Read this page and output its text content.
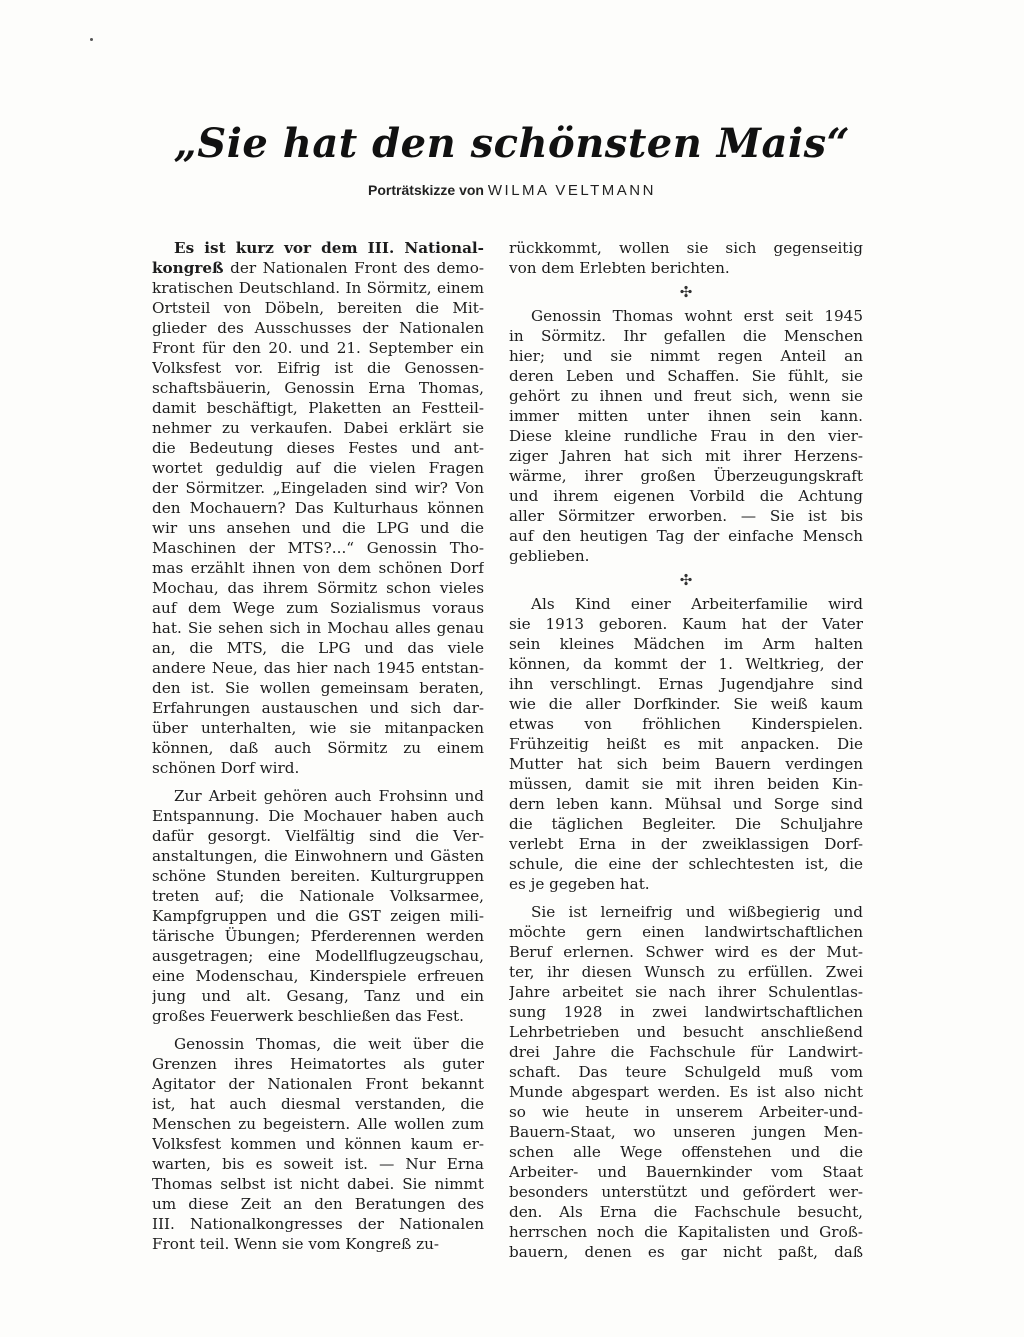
„Sie hat den schönsten Mais“
Porträtskizze von WILMA VELTMANN
Es ist kurz vor dem III. National-
kongreß der Nationalen Front des demo-
kratischen Deutschland. In Sörmitz, einem
Ortsteil von Döbeln, bereiten die Mit-
glieder des Ausschusses der Nationalen
Front für den 20. und 21. September ein
Volksfest vor. Eifrig ist die Genossen-
schaftsbäuerin, Genossin Erna Thomas,
damit beschäftigt, Plaketten an Festteil-
nehmer zu verkaufen. Dabei erklärt sie
die Bedeutung dieses Festes und ant-
wortet geduldig auf die vielen Fragen
der Sörmitzer. „Eingeladen sind wir? Von
den Mochauern? Das Kulturhaus können
wir uns ansehen und die LPG und die
Maschinen der MTS?...“ Genossin Tho-
mas erzählt ihnen von dem schönen Dorf
Mochau, das ihrem Sörmitz schon vieles
auf dem Wege zum Sozialismus voraus
hat. Sie sehen sich in Mochau alles genau
an, die MTS, die LPG und das viele
andere Neue, das hier nach 1945 entstan-
den ist. Sie wollen gemeinsam beraten,
Erfahrungen austauschen und sich dar-
über unterhalten, wie sie mitanpacken
können, daß auch Sörmitz zu einem
schönen Dorf wird.
Zur Arbeit gehören auch Frohsinn und
Entspannung. Die Mochauer haben auch
dafür gesorgt. Vielfältig sind die Ver-
anstaltungen, die Einwohnern und Gästen
schöne Stunden bereiten. Kulturgruppen
treten auf; die Nationale Volksarmee,
Kampfgruppen und die GST zeigen mili-
tärische Übungen; Pferderennen werden
ausgetragen; eine Modellflugzeugschau,
eine Modenschau, Kinderspiele erfreuen
jung und alt. Gesang, Tanz und ein
großes Feuerwerk beschließen das Fest.
Genossin Thomas, die weit über die
Grenzen ihres Heimatortes als guter
Agitator der Nationalen Front bekannt
ist, hat auch diesmal verstanden, die
Menschen zu begeistern. Alle wollen zum
Volksfest kommen und können kaum er-
warten, bis es soweit ist. — Nur Erna
Thomas selbst ist nicht dabei. Sie nimmt
um diese Zeit an den Beratungen des
III. Nationalkongresses der Nationalen
Front teil. Wenn sie vom Kongreß zu-
rückkommt, wollen sie sich gegenseitig
von dem Erlebten berichten.
✣
Genossin Thomas wohnt erst seit 1945
in Sörmitz. Ihr gefallen die Menschen
hier; und sie nimmt regen Anteil an
deren Leben und Schaffen. Sie fühlt, sie
gehört zu ihnen und freut sich, wenn sie
immer mitten unter ihnen sein kann.
Diese kleine rundliche Frau in den vier-
ziger Jahren hat sich mit ihrer Herzens-
wärme, ihrer großen Überzeugungskraft
und ihrem eigenen Vorbild die Achtung
aller Sörmitzer erworben. — Sie ist bis
auf den heutigen Tag der einfache Mensch
geblieben.
✣
Als Kind einer Arbeiterfamilie wird
sie 1913 geboren. Kaum hat der Vater
sein kleines Mädchen im Arm halten
können, da kommt der 1. Weltkrieg, der
ihn verschlingt. Ernas Jugendjahre sind
wie die aller Dorfkinder. Sie weiß kaum
etwas von fröhlichen Kinderspielen.
Frühzeitig heißt es mit anpacken. Die
Mutter hat sich beim Bauern verdingen
müssen, damit sie mit ihren beiden Kin-
dern leben kann. Mühsal und Sorge sind
die täglichen Begleiter. Die Schuljahre
verlebt Erna in der zweiklassigen Dorf-
schule, die eine der schlechtesten ist, die
es je gegeben hat.
Sie ist lerneifrig und wißbegierig und
möchte gern einen landwirtschaftlichen
Beruf erlernen. Schwer wird es der Mut-
ter, ihr diesen Wunsch zu erfüllen. Zwei
Jahre arbeitet sie nach ihrer Schulentlas-
sung 1928 in zwei landwirtschaftlichen
Lehrbetrieben und besucht anschließend
drei Jahre die Fachschule für Landwirt-
schaft. Das teure Schulgeld muß vom
Munde abgespart werden. Es ist also nicht
so wie heute in unserem Arbeiter-und-
Bauern-Staat, wo unseren jungen Men-
schen alle Wege offenstehen und die
Arbeiter- und Bauernkinder vom Staat
besonders unterstützt und gefördert wer-
den. Als Erna die Fachschule besucht,
herrschen noch die Kapitalisten und Groß-
bauern, denen es gar nicht paßt, daß
